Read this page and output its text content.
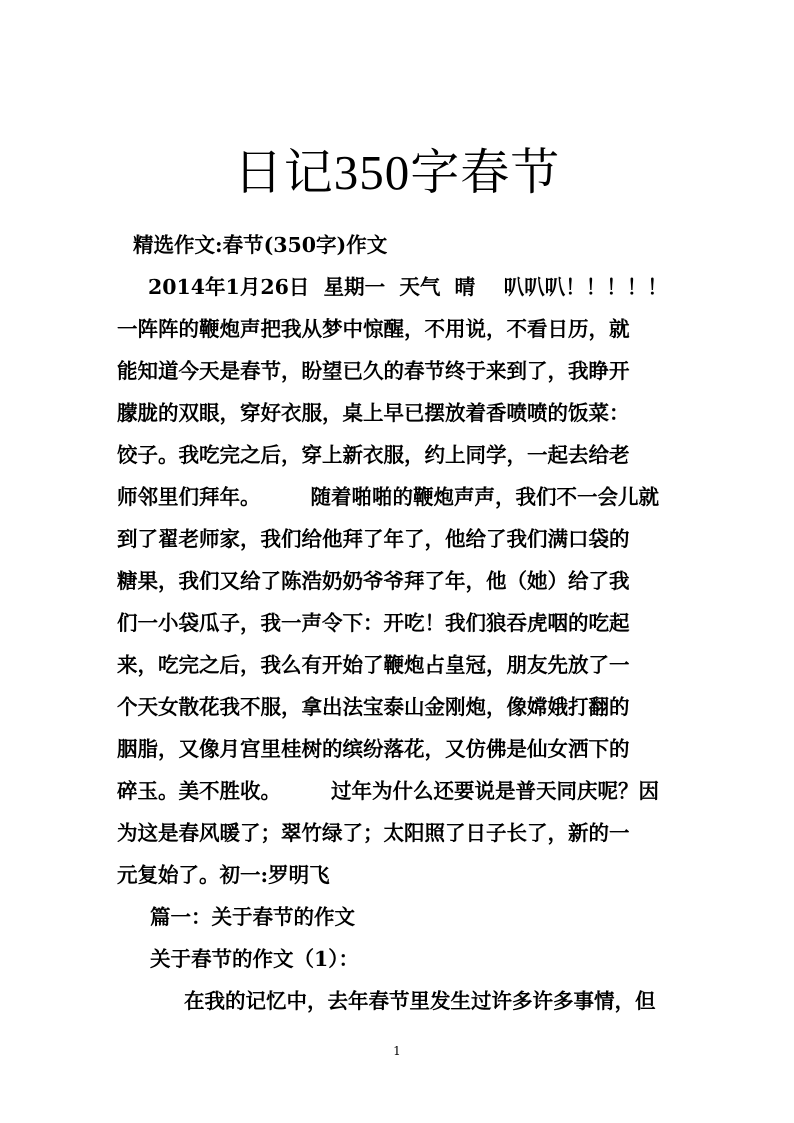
日记350字春节

精选作文:春节(350字)作文

2014年1月26日  星期一  天气  晴    叭叭叭！！！！！

一阵阵的鞭炮声把我从梦中惊醒，不用说，不看日历，就

能知道今天是春节，盼望已久的春节终于来到了，我睁开

朦胧的双眼，穿好衣服，桌上早已摆放着香喷喷的饭菜：

饺子。我吃完之后，穿上新衣服，约上同学，一起去给老

师邻里们拜年。       随着啪啪的鞭炮声声，我们不一会儿就

到了翟老师家，我们给他拜了年了，他给了我们满口袋的

糖果，我们又给了陈浩奶奶爷爷拜了年，他（她）给了我

们一小袋瓜子，我一声令下：开吃！我们狼吞虎咽的吃起

来，吃完之后，我么有开始了鞭炮占皇冠，朋友先放了一

个天女散花我不服，拿出法宝泰山金刚炮，像嫦娥打翻的

胭脂，又像月宫里桂树的缤纷落花，又仿佛是仙女洒下的

碎玉。美不胜收。       过年为什么还要说是普天同庆呢？因

为这是春风暖了；翠竹绿了；太阳照了日子长了，新的一

元复始了。初一:罗明飞

篇一：关于春节的作文

关于春节的作文（1）：

在我的记忆中，去年春节里发生过许多许多事情，但

1
